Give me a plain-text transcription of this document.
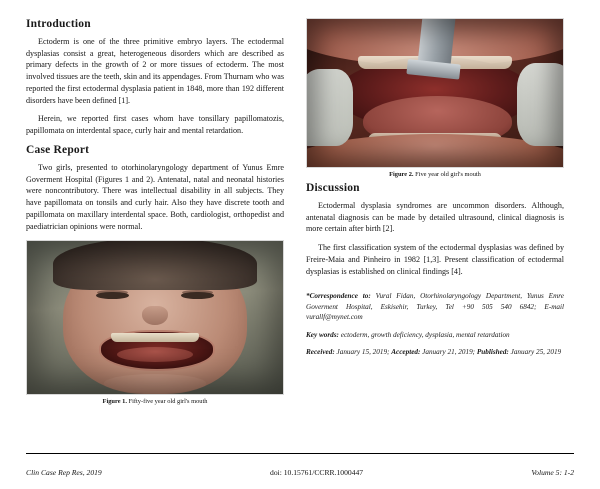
Introduction

Ectoderm is one of the three primitive embryo layers. The ectodermal dysplasias consist a great, heterogeneous disorders which are described as primary defects in the growth of 2 or more tissues of ectoderm. The most involved tissues are the teeth, skin and its appendages. From Thurnam who was reported the first ectodermal dysplasia patient in 1848, more than 192 different disorders have been defined [1].

Herein, we reported first cases whom have tonsillary papillomatozis, papillomata on interdental space, curly hair and mental retardation.

Case Report

Two girls, presented to otorhinolaryngology department of Yunus Emre Goverment Hospital (Figures 1 and 2). Antenatal, natal and neonatal histories were noncontributory. There was intellectual disability in all subjects. They have papillomata on tonsils and curly hair. Also they have discrete tooth and papillomata on maxillary interdental space. Both, cardiologist, orthopedist and paediatrician opinions were normal.

Figure 1. Fifty-five year old girl's mouth
Figure 2. Five year old girl's mouth
Discussion

Ectodermal dysplasia syndromes are uncommon disorders. Although, antenatal diagnosis can be made by detailed ultrasound, clinical diagnosis is more certain after birth [2].

The first classification system of the ectodermal dysplasias was defined by Freire-Maia and Pinheiro in 1982 [1,3]. Present classification of ectodermal dysplasias is established on clinical findings [4].

*Correspondence to: Vural Fidan, Otorhinolaryngology Department, Yunus Emre Goverment Hospital, Eskisehir, Turkey, Tel +90 505 540 6842; E-mail vurallf@mynet.com

Key words: ectoderm, growth deficiency, dysplasia, mental retardation

Received: January 15, 2019; Accepted: January 21, 2019; Published: January 25, 2019

Clin Case Rep Res, 2019	doi: 10.15761/CCRR.1000447	Volume 5: 1-2
